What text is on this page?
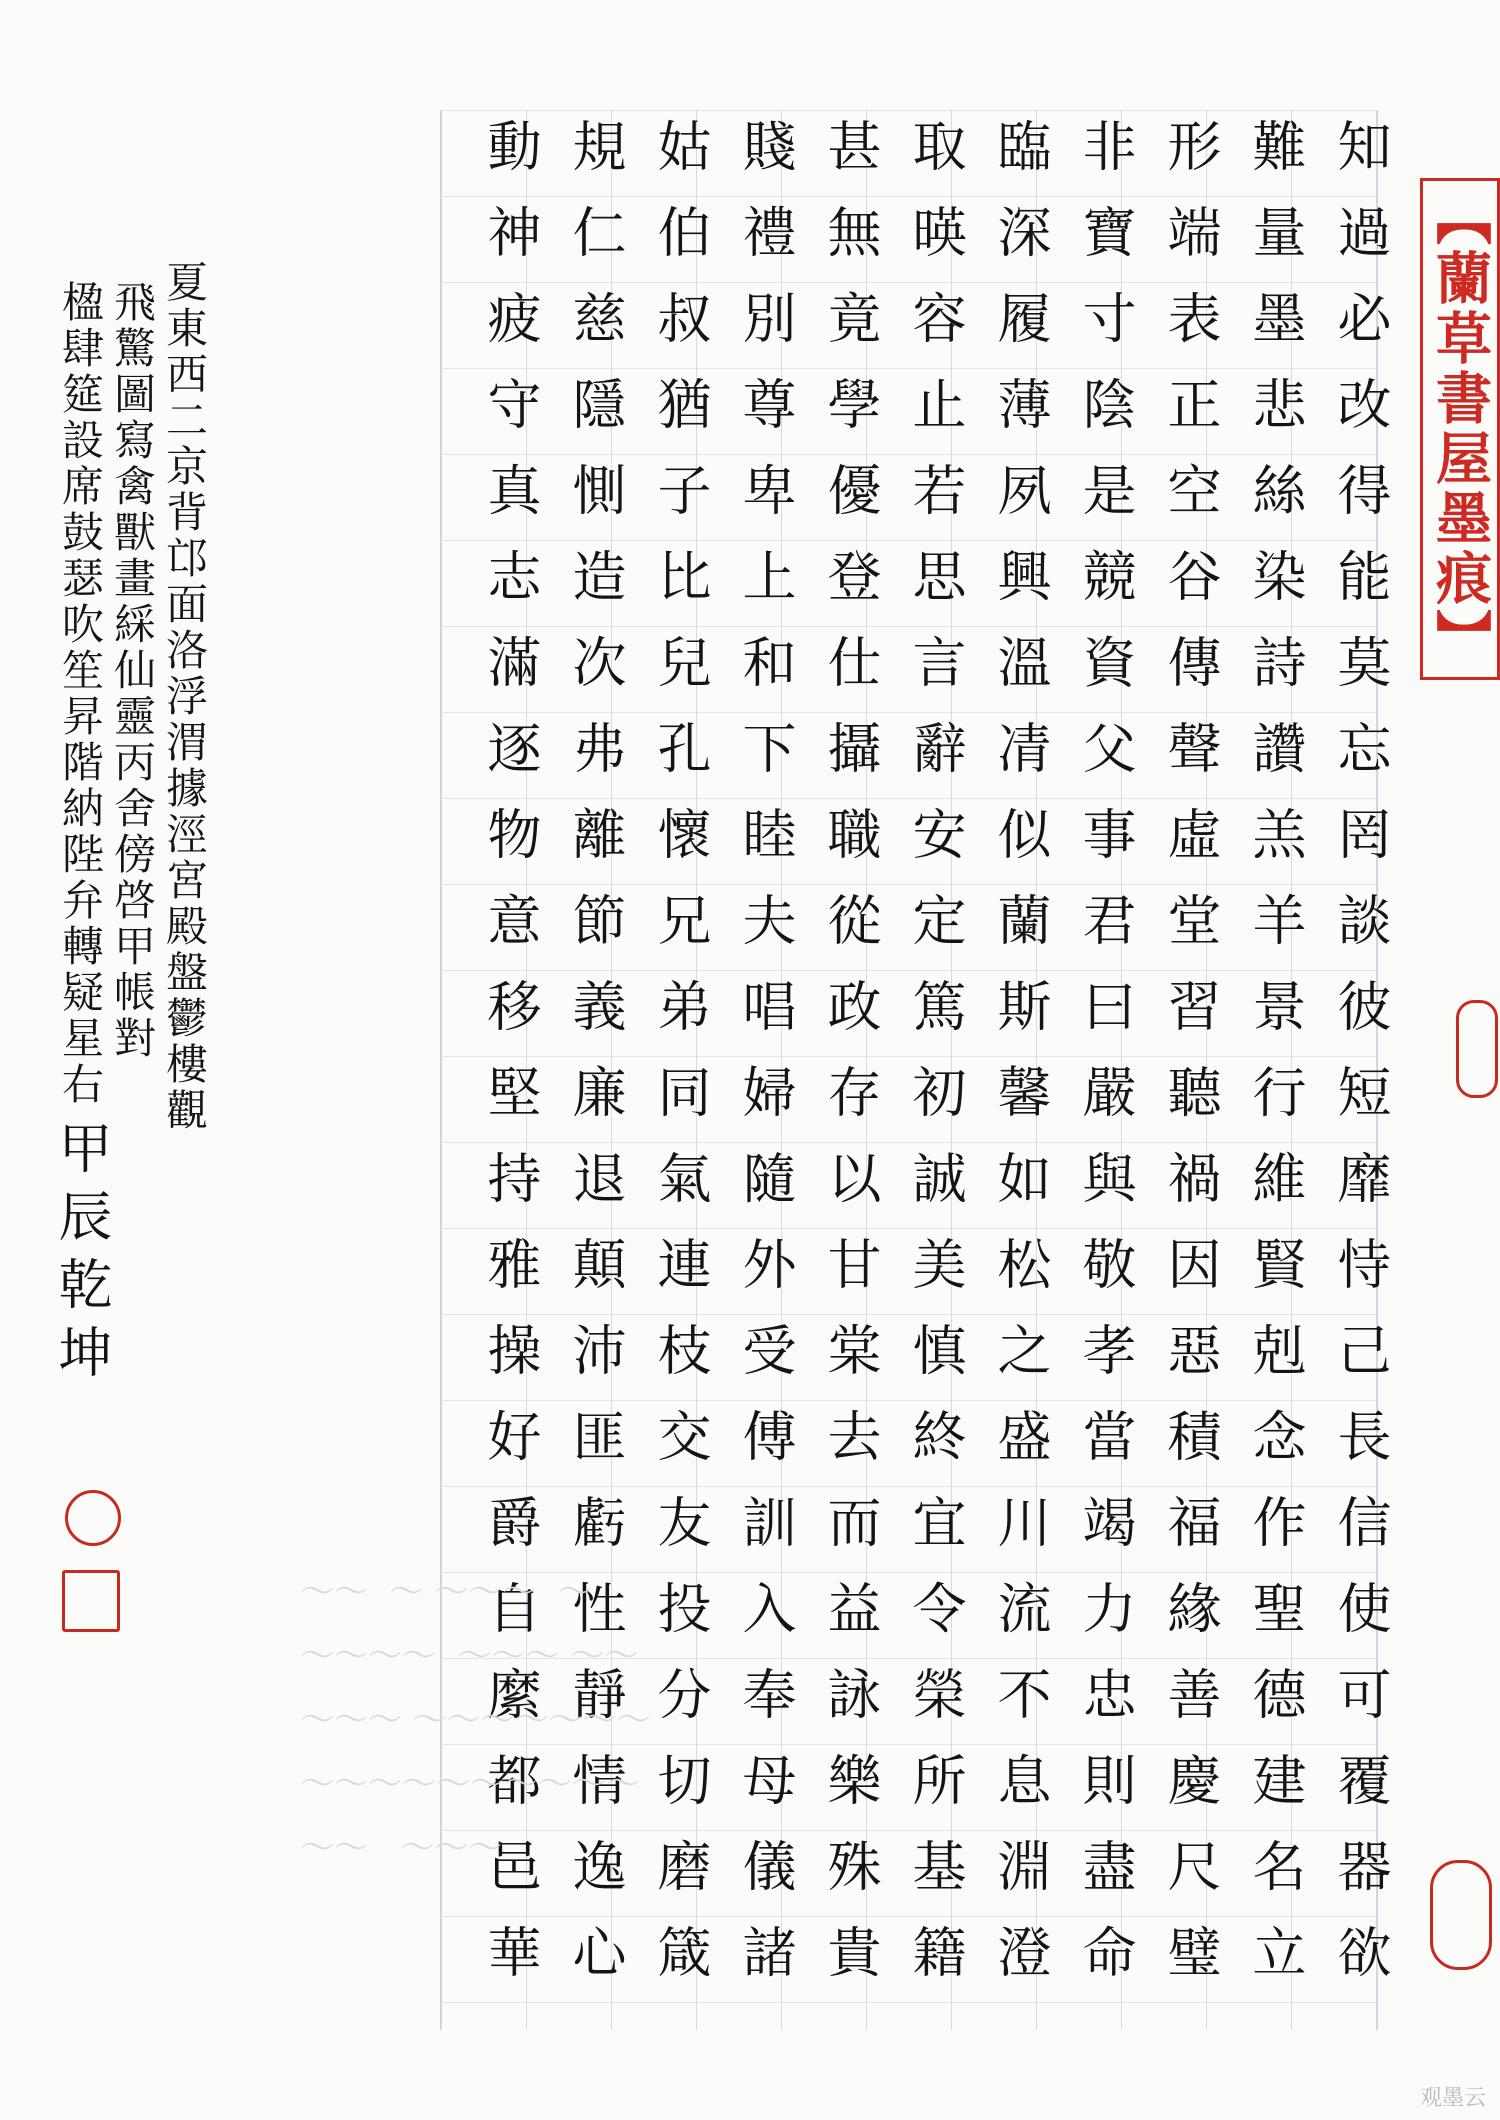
知過必改得能莫忘罔談彼短靡恃己長信使可覆器欲
難量墨悲絲染詩讚羔羊景行維賢剋念作聖德建名立
形端表正空谷傳聲虛堂習聽禍因惡積福緣善慶尺璧
非寶寸陰是競資父事君曰嚴與敬孝當竭力忠則盡命
臨深履薄夙興溫凊似蘭斯馨如松之盛川流不息淵澄
取暎容止若思言辭安定篤初誠美慎終宜令榮所基籍
甚無竟學優登仕攝職從政存以甘棠去而益詠樂殊貴
賤禮別尊卑上和下睦夫唱婦隨外受傅訓入奉母儀諸
姑伯叔猶子比兒孔懷兄弟同氣連枝交友投分切磨箴
規仁慈隱惻造次弗離節義廉退顛沛匪虧性靜情逸心
動神疲守真志滿逐物意移堅持雅操好爵自縻都邑華
夏東西二京背邙面洛浮渭據涇宮殿盤鬱樓觀
飛驚圖寫禽獸畫綵仙靈丙舍傍啓甲帳對
楹肆筵設席鼓瑟吹笙昇階納陛弁轉疑星右
甲辰乾坤
【蘭草書屋墨痕】
〜〜  〜 〜〜〜  〜
〜〜〜〜  〜〜〜 〜〜
〜〜〜 〜〜〜〜〜〜〜
〜〜〜〜〜〜〜〜〜〜
〜〜   〜〜〜
观墨云
